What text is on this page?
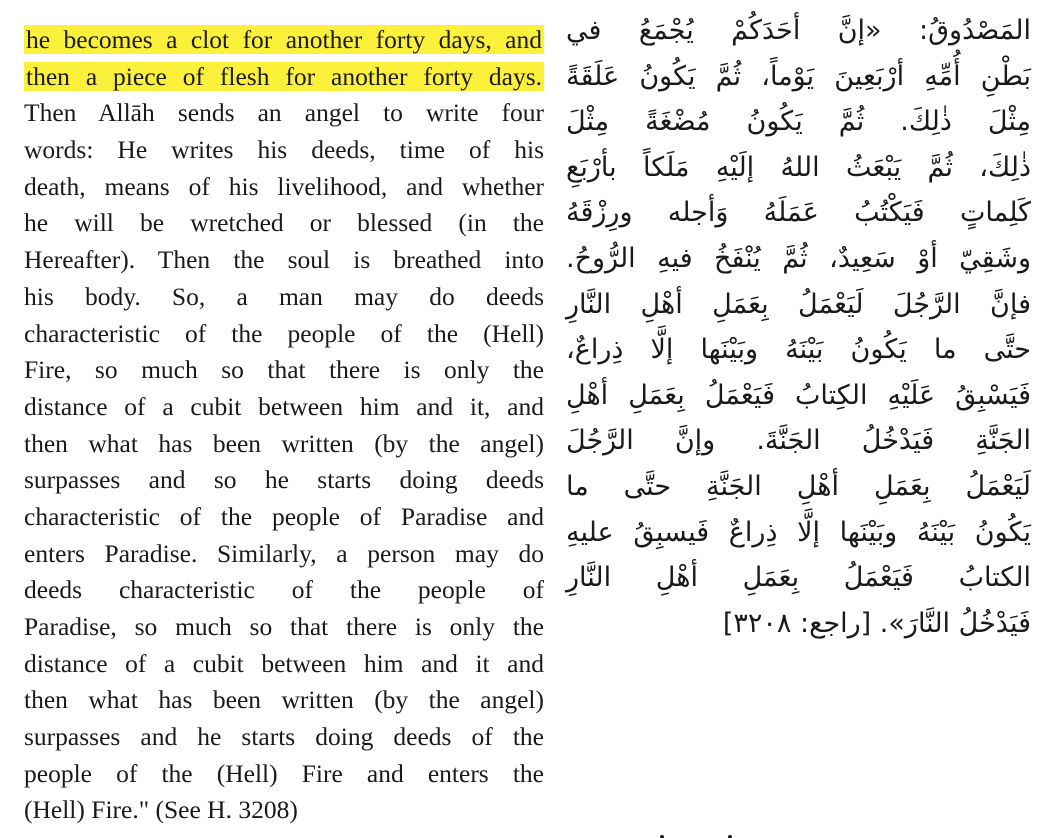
he becomes a clot for another forty days, and
then a piece of flesh for another forty days.
Then Allāh sends an angel to write four
words: He writes his deeds, time of his
death, means of his livelihood, and whether
he will be wretched or blessed (in the
Hereafter). Then the soul is breathed into
his body. So, a man may do deeds
characteristic of the people of the (Hell)
Fire, so much so that there is only the
distance of a cubit between him and it, and
then what has been written (by the angel)
surpasses and so he starts doing deeds
characteristic of the people of Paradise and
enters Paradise. Similarly, a person may do
deeds characteristic of the people of
Paradise, so much so that there is only the
distance of a cubit between him and it and
then what has been written (by the angel)
surpasses and he starts doing deeds of the
people of the (Hell) Fire and enters the
(Hell) Fire." (See H. 3208)
المَصْدُوقُ: «إنَّ أحَدَكُمْ يُجْمَعُ في
بَطْنِ أُمِّهِ أرْبَعِينَ يَوْماً، ثُمَّ يَكُونُ عَلَقَةً
مِثْلَ ذٰلِكَ. ثُمَّ يَكُونُ مُضْغَةً مِثْلَ
ذٰلِكَ، ثُمَّ يَبْعَثُ اللهُ إلَيْهِ مَلَكاً بأرْبَعِ
كَلِماتٍ فَيَكْتُبُ عَمَلَهُ وَأجله ورِزْقَهُ
وشَقِيّ أوْ سَعِيدٌ، ثُمَّ يُنْفَخُ فيهِ الرُّوحُ.
فإنَّ الرَّجُلَ لَيَعْمَلُ بِعَمَلِ أهْلِ النَّارِ
حتَّى ما يَكُونُ بَيْنَهُ وبَيْنَها إلَّا ذِراعٌ،
فَيَسْبِقُ عَلَيْهِ الكِتابُ فَيَعْمَلُ بِعَمَلِ أهْلِ
الجَنَّةِ فَيَدْخُلُ الجَنَّةَ. وإنَّ الرَّجُلَ
لَيَعْمَلُ بِعَمَلِ أهْلِ الجَنَّةِ حتَّى ما
يَكُونُ بَيْنَهُ وبَيْنَها إلَّا ذِراعٌ فَيسبِقُ عليهِ
الكتابُ فَيَعْمَلُ بِعَمَلِ أهْلِ النَّارِ
فَيَدْخُلُ النَّارَ». [راجع: ٣٢٠٨]
